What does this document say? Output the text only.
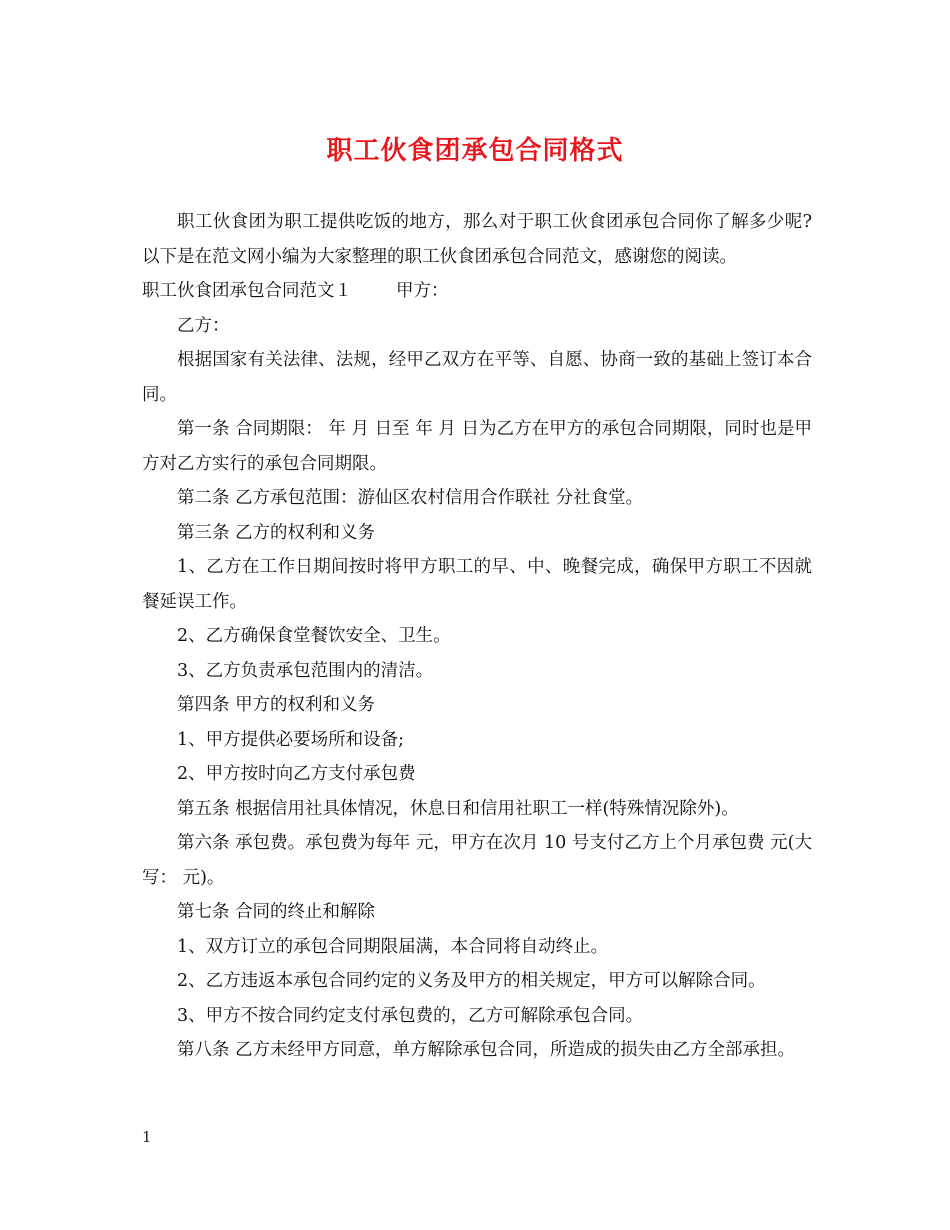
职工伙食团承包合同格式

职工伙食团为职工提供吃饭的地方，那么对于职工伙食团承包合同你了解多少呢?以下是在范文网小编为大家整理的职工伙食团承包合同范文，感谢您的阅读。

职工伙食团承包合同范文１	甲方：

乙方：

根据国家有关法律、法规，经甲乙双方在平等、自愿、协商一致的基础上签订本合同。

第一条 合同期限： 年 月 日至 年 月 日为乙方在甲方的承包合同期限，同时也是甲方对乙方实行的承包合同期限。

第二条 乙方承包范围：游仙区农村信用合作联社 分社食堂。

第三条 乙方的权利和义务

1、乙方在工作日期间按时将甲方职工的早、中、晚餐完成，确保甲方职工不因就餐延误工作。

2、乙方确保食堂餐饮安全、卫生。

3、乙方负责承包范围内的清洁。

第四条 甲方的权利和义务

1、甲方提供必要场所和设备;

2、甲方按时向乙方支付承包费

第五条 根据信用社具体情况，休息日和信用社职工一样(特殊情况除外)。

第六条 承包费。承包费为每年 元，甲方在次月 10 号支付乙方上个月承包费 元(大写： 元)。

第七条 合同的终止和解除

1、双方订立的承包合同期限届满，本合同将自动终止。

2、乙方违返本承包合同约定的义务及甲方的相关规定，甲方可以解除合同。

3、甲方不按合同约定支付承包费的，乙方可解除承包合同。

第八条 乙方未经甲方同意，单方解除承包合同，所造成的损失由乙方全部承担。

1
